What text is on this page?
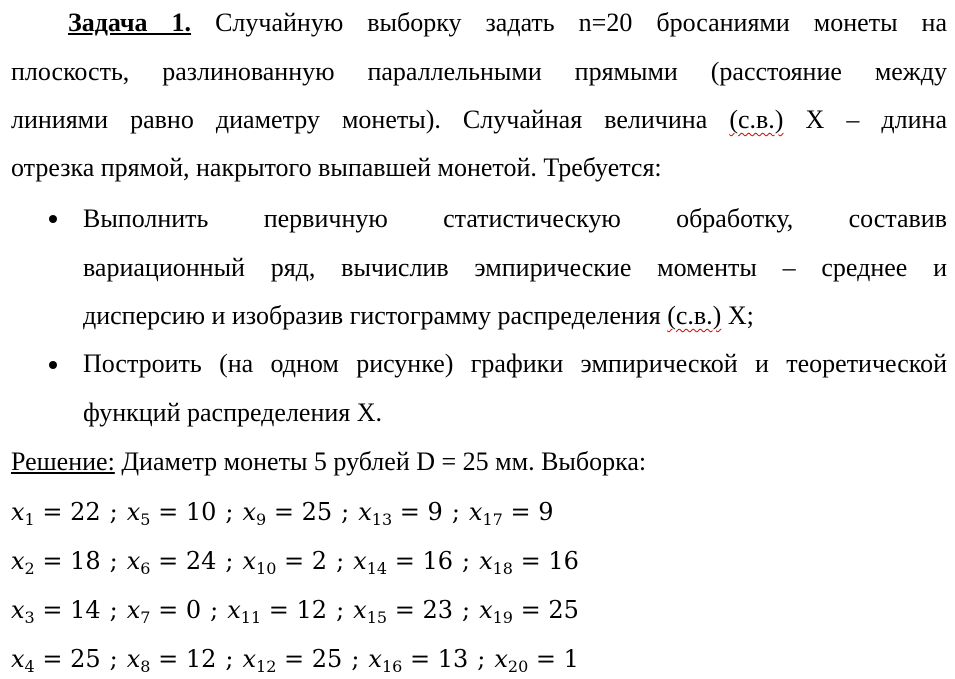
Задача 1. Случайную выборку задать n=20 бросаниями монеты на
плоскость, разлинованную параллельными прямыми (расстояние между
линиями равно диаметру монеты). Случайная величина (с.в.) X – длина
отрезка прямой, накрытого выпавшей монетой. Требуется:
Выполнить первичную статистическую обработку, составив
вариационный ряд, вычислив эмпирические моменты – среднее и
дисперсию и изобразив гистограмму распределения (с.в.) X;
Построить (на одном рисунке) графики эмпирической и теоретической
функций распределения X.
Решение: Диаметр монеты 5 рублей D = 25 мм. Выборка:
$x_1 = 22$ ; $x_5 = 10$ ; $x_9 = 25$ ; $x_{13} = 9$ ; $x_{17} = 9$
$x_2 = 18$ ; $x_6 = 24$ ; $x_{10} = 2$ ; $x_{14} = 16$ ; $x_{18} = 16$
$x_3 = 14$ ; $x_7 = 0$ ; $x_{11} = 12$ ; $x_{15} = 23$ ; $x_{19} = 25$
$x_4 = 25$ ; $x_8 = 12$ ; $x_{12} = 25$ ; $x_{16} = 13$ ; $x_{20} = 1$
